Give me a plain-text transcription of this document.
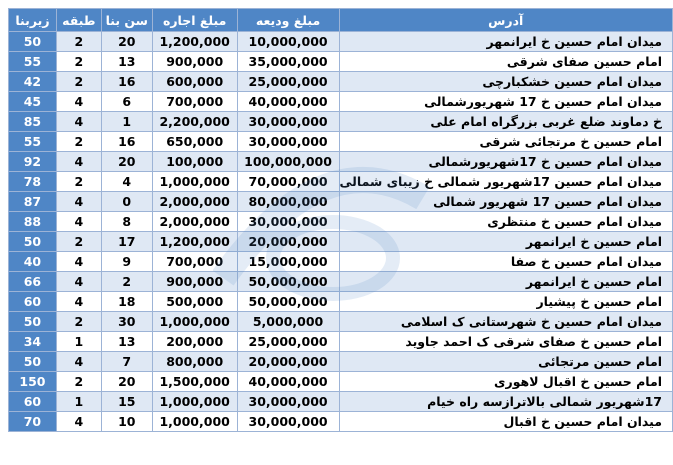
زیربنا	طبقه	سن بنا	مبلغ اجاره	مبلغ ودیعه	آدرس
50	2	20	1,200,000	10,000,000	میدان امام حسین خ ایرانمهر
55	2	13	900,000	35,000,000	امام حسین صفای شرقی
42	2	16	600,000	25,000,000	میدان امام حسین خشکبارچی
45	4	6	700,000	40,000,000	میدان امام حسین خ 17 شهریورشمالی
85	4	1	2,200,000	30,000,000	خ دماوند ضلع غربی بزرگراه امام علی
55	2	16	650,000	30,000,000	امام حسین خ مرتجائی شرقی
92	4	20	100,000	100,000,000	میدان امام حسین خ 17شهریورشمالی
78	2	4	1,000,000	70,000,000	میدان امام حسین 17شهریور شمالی خ زیبای شمالی
87	4	0	2,000,000	80,000,000	میدان امام حسین 17 شهریور شمالی
88	4	8	2,000,000	30,000,000	میدان امام حسین خ منتظری
50	2	17	1,200,000	20,000,000	امام حسین خ ایرانمهر
40	4	9	700,000	15,000,000	میدان امام حسین خ صفا
66	4	2	900,000	50,000,000	امام حسین خ ایرانمهر
60	4	18	500,000	50,000,000	امام حسین خ پیشیار
50	2	30	1,000,000	5,000,000	میدان امام حسین خ شهرستانی ک اسلامی
34	1	13	200,000	25,000,000	امام حسین خ صفای شرقی ک احمد جاوید
50	4	7	800,000	20,000,000	امام حسین مرتجائی
150	2	20	1,500,000	40,000,000	امام حسین خ اقبال لاهوری
60	1	15	1,000,000	30,000,000	17شهریور شمالی بالاترازسه راه خیام
70	4	10	1,000,000	30,000,000	میدان امام حسین خ اقبال
